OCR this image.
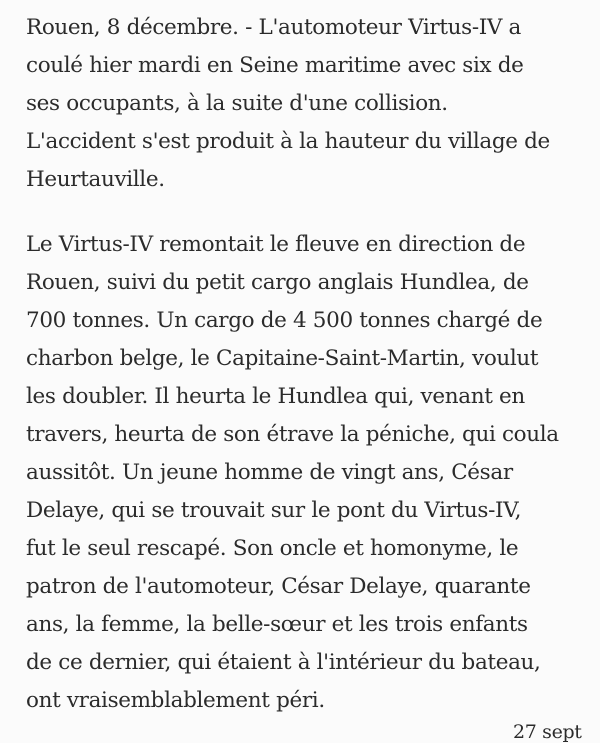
Rouen, 8 décembre. - L'automoteur Virtus-IV a
coulé hier mardi en Seine maritime avec six de
ses occupants, à la suite d'une collision.
L'accident s'est produit à la hauteur du village de
Heurtauville.
Le Virtus-IV remontait le fleuve en direction de
Rouen, suivi du petit cargo anglais Hundlea, de
700 tonnes. Un cargo de 4 500 tonnes chargé de
charbon belge, le Capitaine-Saint-Martin, voulut
les doubler. Il heurta le Hundlea qui, venant en
travers, heurta de son étrave la péniche, qui coula
aussitôt. Un jeune homme de vingt ans, César
Delaye, qui se trouvait sur le pont du Virtus-IV,
fut le seul rescapé. Son oncle et homonyme, le
patron de l'automoteur, César Delaye, quarante
ans, la femme, la belle-sœur et les trois enfants
de ce dernier, qui étaient à l'intérieur du bateau,
ont vraisemblablement péri.
27 sept
